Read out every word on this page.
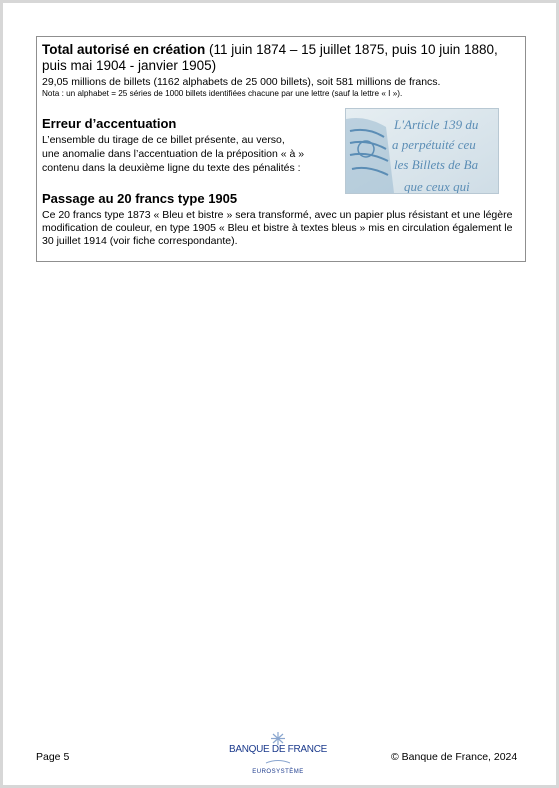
Total autorisé en création (11 juin 1874 – 15 juillet 1875, puis 10 juin 1880, puis mai 1904 - janvier 1905)
29,05 millions de billets (1162 alphabets de 25 000 billets), soit 581 millions de francs.
Nota : un alphabet = 25 séries de 1000 billets identifiées chacune par une lettre (sauf la lettre « I »).
Erreur d’accentuation
L’ensemble du tirage de ce billet présente, au verso,
une anomalie dans l’accentuation de la préposition « à »
contenu dans la deuxième ligne du texte des pénalités :
L'Article 139 du
a perpétuité ceu
les Billets de Ba
que ceux qui
Passage au 20 francs type 1905
Ce 20 francs type 1873 « Bleu et bistre » sera transformé, avec un papier plus résistant et une légère modification de couleur, en type 1905 « Bleu et bistre à textes bleus » mis en circulation également le 30 juillet 1914 (voir fiche correspondante).
Page 5
BANQUE DE FRANCE
EUROSYSTÈME
© Banque de France, 2024
